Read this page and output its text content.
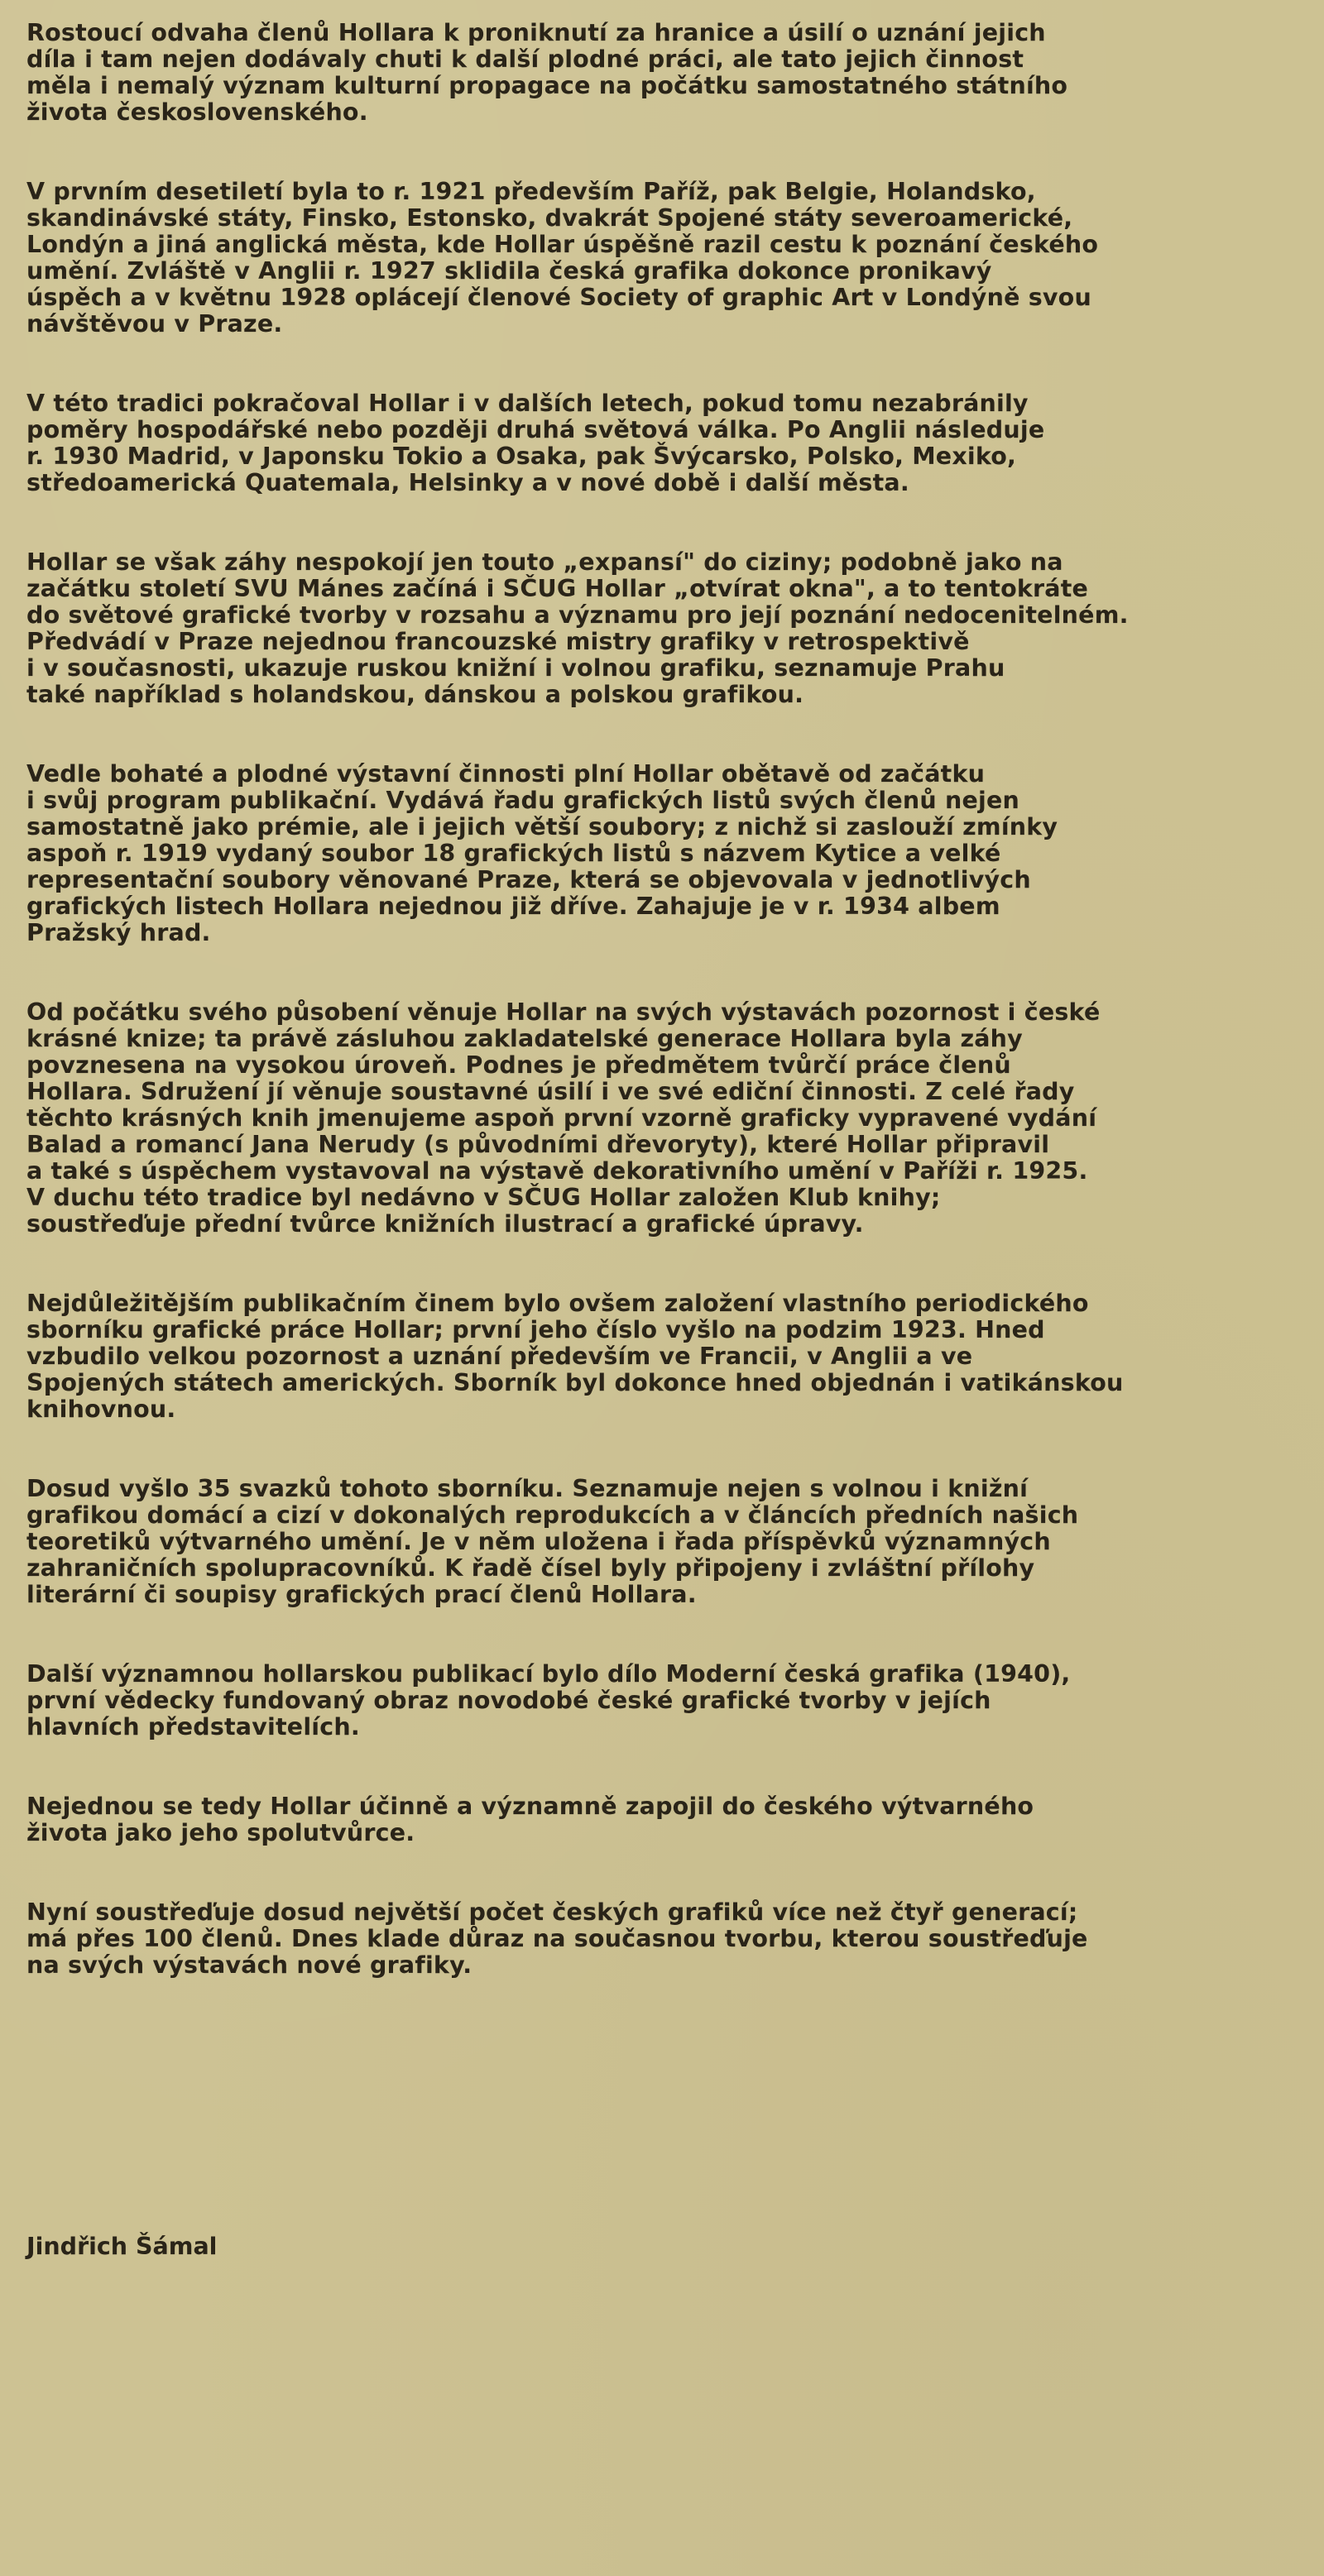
Rostoucí odvaha členů Hollara k proniknutí za hranice a úsilí o uznání jejich
díla i tam nejen dodávaly chuti k další plodné práci, ale tato jejich činnost
měla i nemalý význam kulturní propagace na počátku samostatného státního
života československého.

V prvním desetiletí byla to r. 1921 především Paříž, pak Belgie, Holandsko,
skandinávské státy, Finsko, Estonsko, dvakrát Spojené státy severoamerické,
Londýn a jiná anglická města, kde Hollar úspěšně razil cestu k poznání českého
umění. Zvláště v Anglii r. 1927 sklidila česká grafika dokonce pronikavý
úspěch a v květnu 1928 oplácejí členové Society of graphic Art v Londýně svou
návštěvou v Praze.

V této tradici pokračoval Hollar i v dalších letech, pokud tomu nezabránily
poměry hospodářské nebo později druhá světová válka. Po Anglii následuje
r. 1930 Madrid, v Japonsku Tokio a Osaka, pak Švýcarsko, Polsko, Mexiko,
středoamerická Quatemala, Helsinky a v nové době i další města.

Hollar se však záhy nespokojí jen touto „expansí" do ciziny; podobně jako na
začátku století SVU Mánes začíná i SČUG Hollar „otvírat okna", a to tentokráte
do světové grafické tvorby v rozsahu a významu pro její poznání nedocenitelném.
Předvádí v Praze nejednou francouzské mistry grafiky v retrospektivě
i v současnosti, ukazuje ruskou knižní i volnou grafiku, seznamuje Prahu
také například s holandskou, dánskou a polskou grafikou.

Vedle bohaté a plodné výstavní činnosti plní Hollar obětavě od začátku
i svůj program publikační. Vydává řadu grafických listů svých členů nejen
samostatně jako prémie, ale i jejich větší soubory; z nichž si zaslouží zmínky
aspoň r. 1919 vydaný soubor 18 grafických listů s názvem Kytice a velké
representační soubory věnované Praze, která se objevovala v jednotlivých
grafických listech Hollara nejednou již dříve. Zahajuje je v r. 1934 albem
Pražský hrad.

Od počátku svého působení věnuje Hollar na svých výstavách pozornost i české
krásné knize; ta právě zásluhou zakladatelské generace Hollara byla záhy
povznesena na vysokou úroveň. Podnes je předmětem tvůrčí práce členů
Hollara. Sdružení jí věnuje soustavné úsilí i ve své ediční činnosti. Z celé řady
těchto krásných knih jmenujeme aspoň první vzorně graficky vypravené vydání
Balad a romancí Jana Nerudy (s původními dřevoryty), které Hollar připravil
a také s úspěchem vystavoval na výstavě dekorativního umění v Paříži r. 1925.
V duchu této tradice byl nedávno v SČUG Hollar založen Klub knihy;
soustřeďuje přední tvůrce knižních ilustrací a grafické úpravy.

Nejdůležitějším publikačním činem bylo ovšem založení vlastního periodického
sborníku grafické práce Hollar; první jeho číslo vyšlo na podzim 1923. Hned
vzbudilo velkou pozornost a uznání především ve Francii, v Anglii a ve
Spojených státech amerických. Sborník byl dokonce hned objednán i vatikánskou
knihovnou.

Dosud vyšlo 35 svazků tohoto sborníku. Seznamuje nejen s volnou i knižní
grafikou domácí a cizí v dokonalých reprodukcích a v článcích předních našich
teoretiků výtvarného umění. Je v něm uložena i řada příspěvků významných
zahraničních spolupracovníků. K řadě čísel byly připojeny i zvláštní přílohy
literární či soupisy grafických prací členů Hollara.

Další významnou hollarskou publikací bylo dílo Moderní česká grafika (1940),
první vědecky fundovaný obraz novodobé české grafické tvorby v jejích
hlavních představitelích.

Nejednou se tedy Hollar účinně a významně zapojil do českého výtvarného
života jako jeho spolutvůrce.

Nyní soustřeďuje dosud největší počet českých grafiků více než čtyř generací;
má přes 100 členů. Dnes klade důraz na současnou tvorbu, kterou soustřeďuje
na svých výstavách nové grafiky.

Jindřich Šámal
